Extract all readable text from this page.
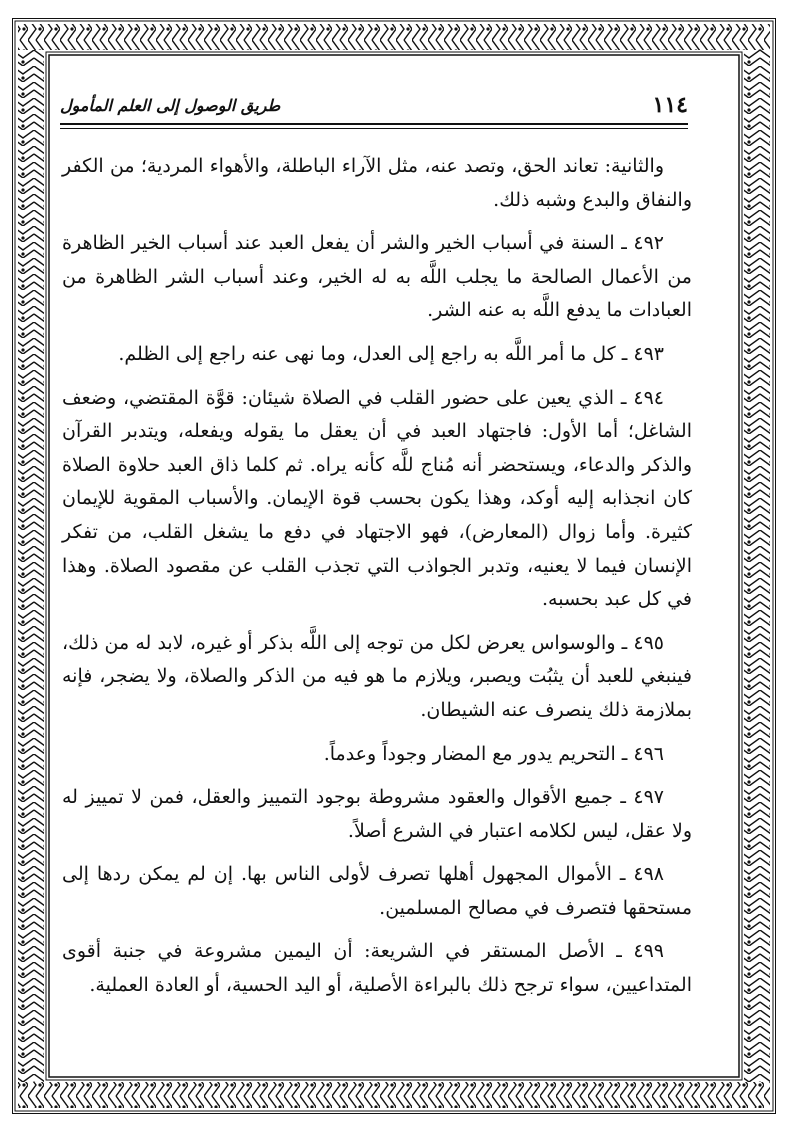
١١٤
طريق الوصول إلى العلم المأمول

والثانية: تعاند الحق، وتصد عنه، مثل الآراء الباطلة، والأهواء المردية؛ من الكفر والنفاق والبدع وشبه ذلك.

٤٩٢ ـ السنة في أسباب الخير والشر أن يفعل العبد عند أسباب الخير الظاهرة من الأعمال الصالحة ما يجلب اللَّه به له الخير، وعند أسباب الشر الظاهرة من العبادات ما يدفع اللَّه به عنه الشر.

٤٩٣ ـ كل ما أمر اللَّه به راجع إلى العدل، وما نهى عنه راجع إلى الظلم.

٤٩٤ ـ الذي يعين على حضور القلب في الصلاة شيئان: قوَّة المقتضي، وضعف الشاغل؛ أما الأول: فاجتهاد العبد في أن يعقل ما يقوله ويفعله، ويتدبر القرآن والذكر والدعاء، ويستحضر أنه مُناج للَّه كأنه يراه. ثم كلما ذاق العبد حلاوة الصلاة كان انجذابه إليه أوكد، وهذا يكون بحسب قوة الإيمان. والأسباب المقوية للإيمان كثيرة. وأما زوال (المعارض)، فهو الاجتهاد في دفع ما يشغل القلب، من تفكر الإنسان فيما لا يعنيه، وتدبر الجواذب التي تجذب القلب عن مقصود الصلاة. وهذا في كل عبد بحسبه.

٤٩٥ ـ والوسواس يعرض لكل من توجه إلى اللَّه بذكر أو غيره، لابد له من ذلك، فينبغي للعبد أن يثبُت ويصبر، ويلازم ما هو فيه من الذكر والصلاة، ولا يضجر، فإنه بملازمة ذلك ينصرف عنه الشيطان.

٤٩٦ ـ التحريم يدور مع المضار وجوداً وعدماً.

٤٩٧ ـ جميع الأقوال والعقود مشروطة بوجود التمييز والعقل، فمن لا تمييز له ولا عقل، ليس لكلامه اعتبار في الشرع أصلاً.

٤٩٨ ـ الأموال المجهول أهلها تصرف لأولى الناس بها. إن لم يمكن ردها إلى مستحقها فتصرف في مصالح المسلمين.

٤٩٩ ـ الأصل المستقر في الشريعة: أن اليمين مشروعة في جنبة أقوى المتداعيين، سواء ترجح ذلك بالبراءة الأصلية، أو اليد الحسية، أو العادة العملية.
